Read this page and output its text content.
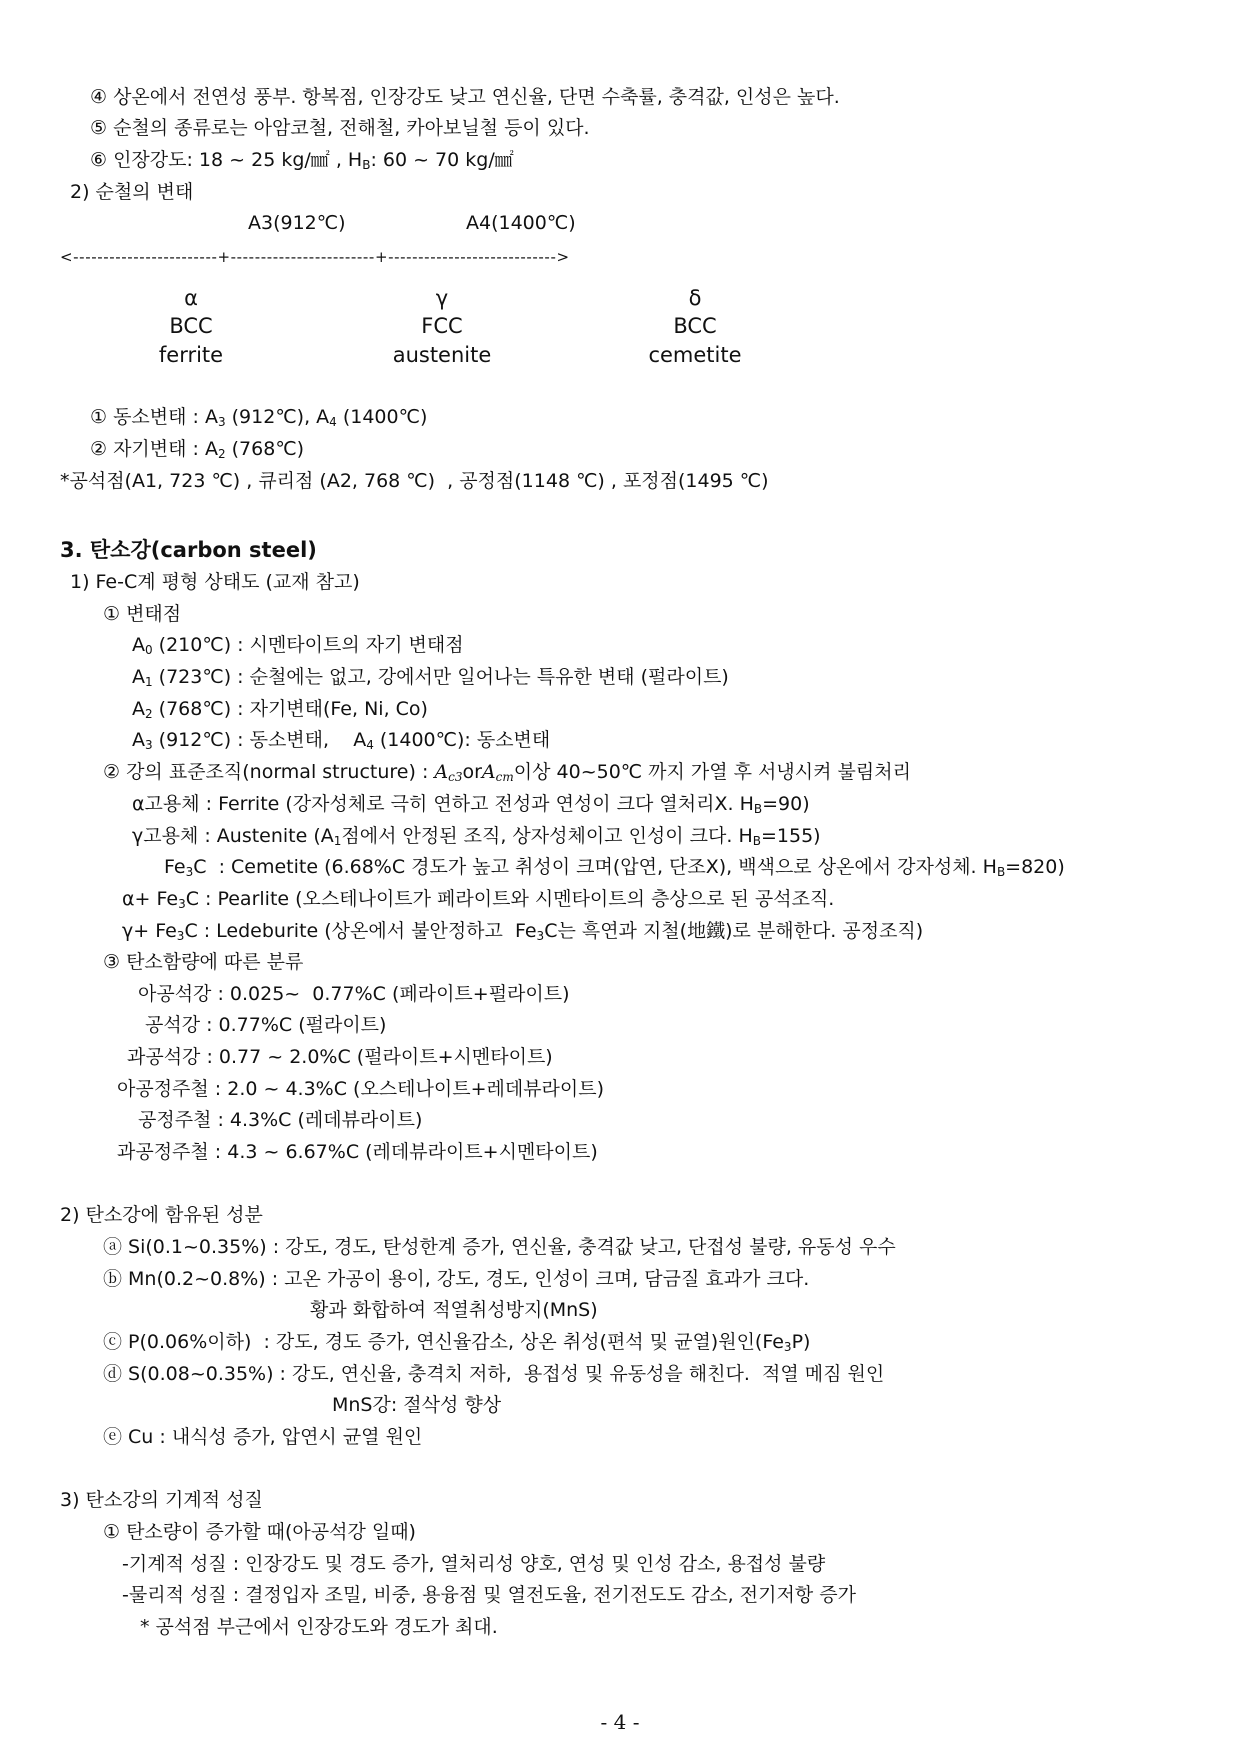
④ 상온에서 전연성 풍부. 항복점, 인장강도 낮고 연신율, 단면 수축률, 충격값, 인성은 높다.
⑤ 순철의 종류로는 아암코철, 전해철, 카아보닐철 등이 있다.
⑥ 인장강도: 18 ~ 25 kg/㎟ , $H_B$: 60 ~ 70 kg/㎟
2) 순철의 변태
A3(912℃)	A4(1400℃)
<------------------------+------------------------+---------------------------->
α
BCC
ferrite
γ
FCC
austenite
δ
BCC
cemetite
① 동소변태 : $A_3$ (912℃), $A_4$ (1400℃)
② 자기변태 : $A_2$ (768℃)
*공석점(A1, 723 ℃) , 큐리점 (A2, 768 ℃)  , 공정점(1148 ℃) , 포정점(1495 ℃)
3. 탄소강(carbon steel)
1) Fe-C계 평형 상태도 (교재 참고)
① 변태점
$A_0$ (210℃) : 시멘타이트의 자기 변태점
$A_1$ (723℃) : 순철에는 없고, 강에서만 일어나는 특유한 변태 (펄라이트)
$A_2$ (768℃) : 자기변태(Fe, Ni, Co)
$A_3$ (912℃) : 동소변태,    $A_4$ (1400℃): 동소변태
② 강의 표준조직(normal structure) : $A_{c3}orA_{cm}$이상 40~50℃ 까지 가열 후 서냉시켜 불림처리
α고용체 : Ferrite (강자성체로 극히 연하고 전성과 연성이 크다 열처리X. $H_B=90$)
γ고용체 : Austenite ($A_1$점에서 안정된 조직, 상자성체이고 인성이 크다. $H_B=155$)
$Fe_3C$  : Cemetite (6.68%C 경도가 높고 취성이 크며(압연, 단조X), 백색으로 상온에서 강자성체. $H_B=820$)
$\alpha+ Fe_3C$ : Pearlite (오스테나이트가 페라이트와 시멘타이트의 층상으로 된 공석조직.
$\gamma+ Fe_3C$ : Ledeburite (상온에서 불안정하고  $Fe_3C$는 흑연과 지철(地鐵)로 분해한다. 공정조직)
③ 탄소함량에 따른 분류
아공석강 : 0.025~  0.77%C (페라이트+펄라이트)
공석강 : 0.77%C (펄라이트)
과공석강 : 0.77 ~ 2.0%C (펄라이트+시멘타이트)
아공정주철 : 2.0 ~ 4.3%C (오스테나이트+레데뷰라이트)
공정주철 : 4.3%C (레데뷰라이트)
과공정주철 : 4.3 ~ 6.67%C (레데뷰라이트+시멘타이트)
2) 탄소강에 함유된 성분
ⓐ Si(0.1~0.35%) : 강도, 경도, 탄성한계 증가, 연신율, 충격값 낮고, 단접성 불량, 유동성 우수
ⓑ Mn(0.2~0.8%) : 고온 가공이 용이, 강도, 경도, 인성이 크며, 담금질 효과가 크다.
황과 화합하여 적열취성방지(MnS)
ⓒ P(0.06%이하)  : 강도, 경도 증가, 연신율감소, 상온 취성(편석 및 균열)원인$(Fe_3P)$
ⓓ S(0.08~0.35%) : 강도, 연신율, 충격치 저하,  용접성 및 유동성을 해친다.  적열 메짐 원인
MnS강: 절삭성 향상
ⓔ Cu : 내식성 증가, 압연시 균열 원인
3) 탄소강의 기계적 성질
① 탄소량이 증가할 때(아공석강 일때)
-기계적 성질 : 인장강도 및 경도 증가, 열처리성 양호, 연성 및 인성 감소, 용접성 불량
-물리적 성질 : 결정입자 조밀, 비중, 용융점 및 열전도율, 전기전도도 감소, 전기저항 증가
* 공석점 부근에서 인장강도와 경도가 최대.
- 4 -
